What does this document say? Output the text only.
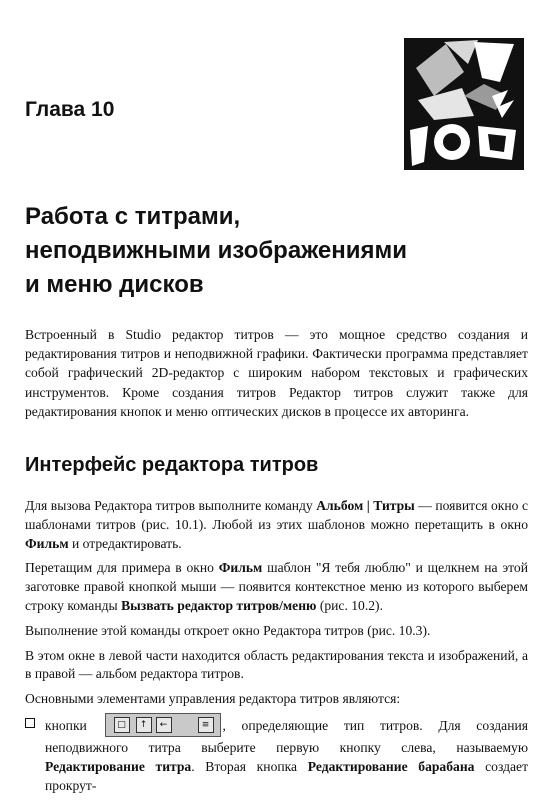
Глава 10
Работа с титрами,
неподвижными изображениями
и меню дисков

Встроенный в Studio редактор титров — это мощное средство создания и редактирования титров и неподвижной графики. Фактически программа представляет собой графический 2D-редактор с широким набором текстовых и графических инструментов. Кроме создания титров Редактор титров служит также для редактирования кнопок и меню оптических дисков в процессе их авторинга.

Интерфейс редактора титров

Для вызова Редактора титров выполните команду Альбом | Титры — появится окно с шаблонами титров (рис. 10.1). Любой из этих шаблонов можно перетащить в окно Фильм и отредактировать.

Перетащим для примера в окно Фильм шаблон "Я тебя люблю" и щелкнем на этой заготовке правой кнопкой мыши — появится контекстное меню из которого выберем строку команды Вызвать редактор титров/меню (рис. 10.2).

Выполнение этой команды откроет окно Редактора титров (рис. 10.3).

В этом окне в левой части находится область редактирования текста и изображений, а в правой — альбом редактора титров.

Основными элементами управления редактора титров являются:

кнопки	□	↑	←	≡ , определяющие тип титров. Для создания неподвижного титра выберите первую кнопку слева, называемую Редактирование титра. Вторая кнопка Редактирование барабана создает прокрут-
